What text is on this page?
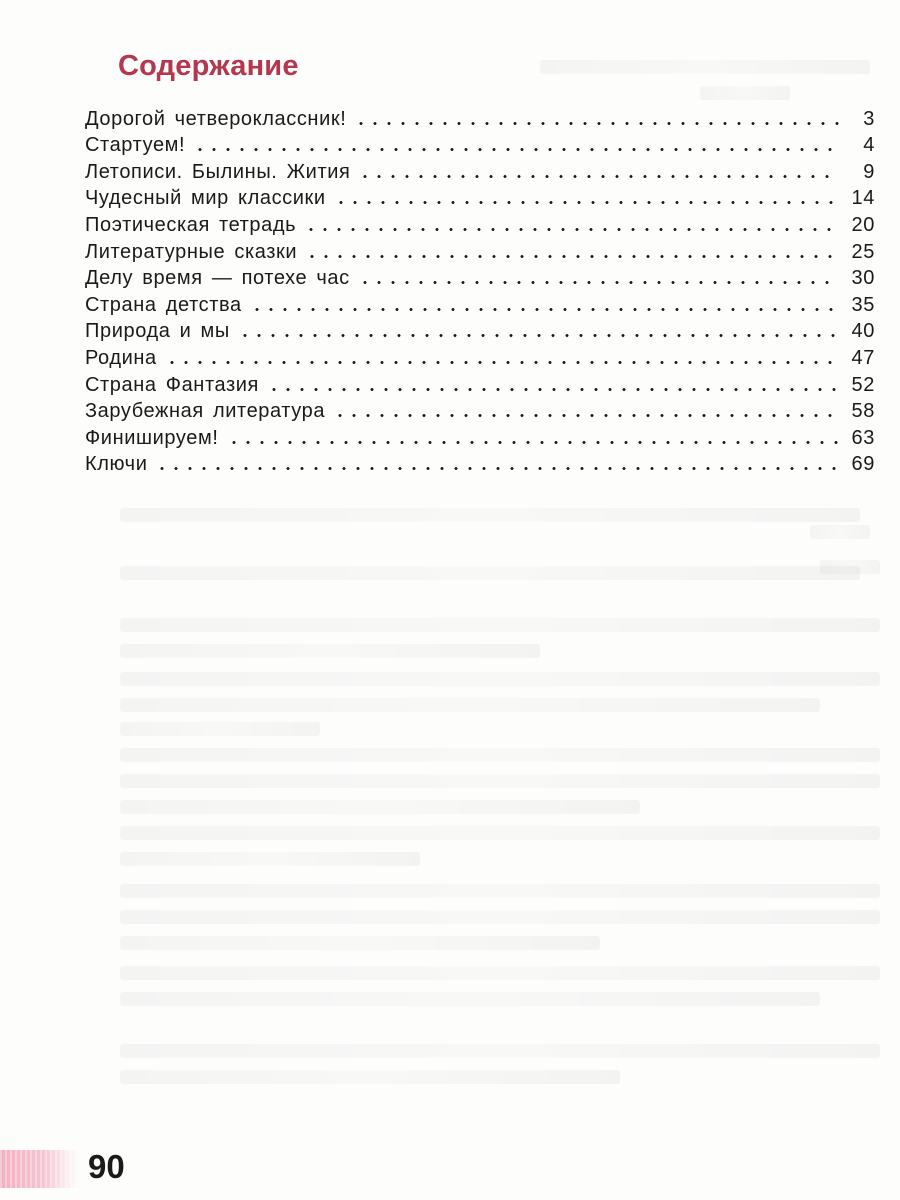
Содержание
Дорогой четвероклассник!	3
Стартуем!	4
Летописи. Былины. Жития	9
Чудесный мир классики	14
Поэтическая тетрадь	20
Литературные сказки	25
Делу время — потехе час	30
Страна детства	35
Природа и мы	40
Родина	47
Страна Фантазия	52
Зарубежная литература	58
Финишируем!	63
Ключи	69
90
